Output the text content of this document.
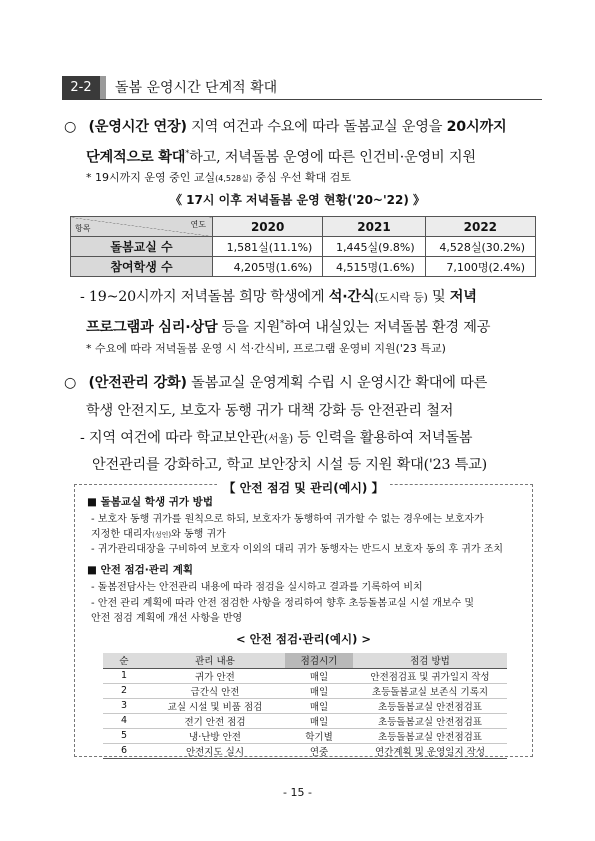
2-2	돌봄 운영시간 단계적 확대
○ (운영시간 연장) 지역 여건과 수요에 따라 돌봄교실 운영을 20시까지
단계적으로 확대*하고, 저녁돌봄 운영에 따른 인건비·운영비 지원
* 19시까지 운영 중인 교실(4,528실) 중심 우선 확대 검토
《 17시 이후 저녁돌봄 운영 현황('20~'22) 》
항목 연도	2020	2021	2022
돌봄교실 수	1,581실(11.1%)	1,445실(9.8%)	4,528실(30.2%)
참여학생 수	4,205명(1.6%)	4,515명(1.6%)	7,100명(2.4%)
- 19~20시까지 저녁돌봄 희망 학생에게 석·간식(도시락 등) 및 저녁
프로그램과 심리·상담 등을 지원*하여 내실있는 저녁돌봄 환경 제공
* 수요에 따라 저녁돌봄 운영 시 석·간식비, 프로그램 운영비 지원('23 특교)
○ (안전관리 강화) 돌봄교실 운영계획 수립 시 운영시간 확대에 따른
학생 안전지도, 보호자 동행 귀가 대책 강화 등 안전관리 철저
- 지역 여건에 따라 학교보안관(서울) 등 인력을 활용하여 저녁돌봄
안전관리를 강화하고, 학교 보안장치 시설 등 지원 확대('23 특교)
【 안전 점검 및 관리(예시) 】
■ 돌봄교실 학생 귀가 방법
- 보호자 동행 귀가를 원칙으로 하되, 보호자가 동행하여 귀가할 수 없는 경우에는 보호자가
지정한 대리자(성인)와 동행 귀가
- 귀가관리대장을 구비하여 보호자 이외의 대리 귀가 동행자는 반드시 보호자 동의 후 귀가 조치
■ 안전 점검·관리 계획
- 돌봄전담사는 안전관리 내용에 따라 점검을 실시하고 결과를 기록하여 비치
- 안전 관리 계획에 따라 안전 점검한 사항을 정리하여 향후 초등돌봄교실 시설 개보수 및
안전 점검 계획에 개선 사항을 반영
< 안전 점검·관리(예시) >
순	관리 내용	점검시기	점검 방법
1	귀가 안전	매일	안전점검표 및 귀가일지 작성
2	급간식 안전	매일	초등돌봄교실 보존식 기록지
3	교실 시설 및 비품 점검	매일	초등돌봄교실 안전점검표
4	전기 안전 점검	매일	초등돌봄교실 안전점검표
5	냉·난방 안전	학기별	초등돌봄교실 안전점검표
6	안전지도 실시	연중	연간계획 및 운영일지 작성
- 15 -
